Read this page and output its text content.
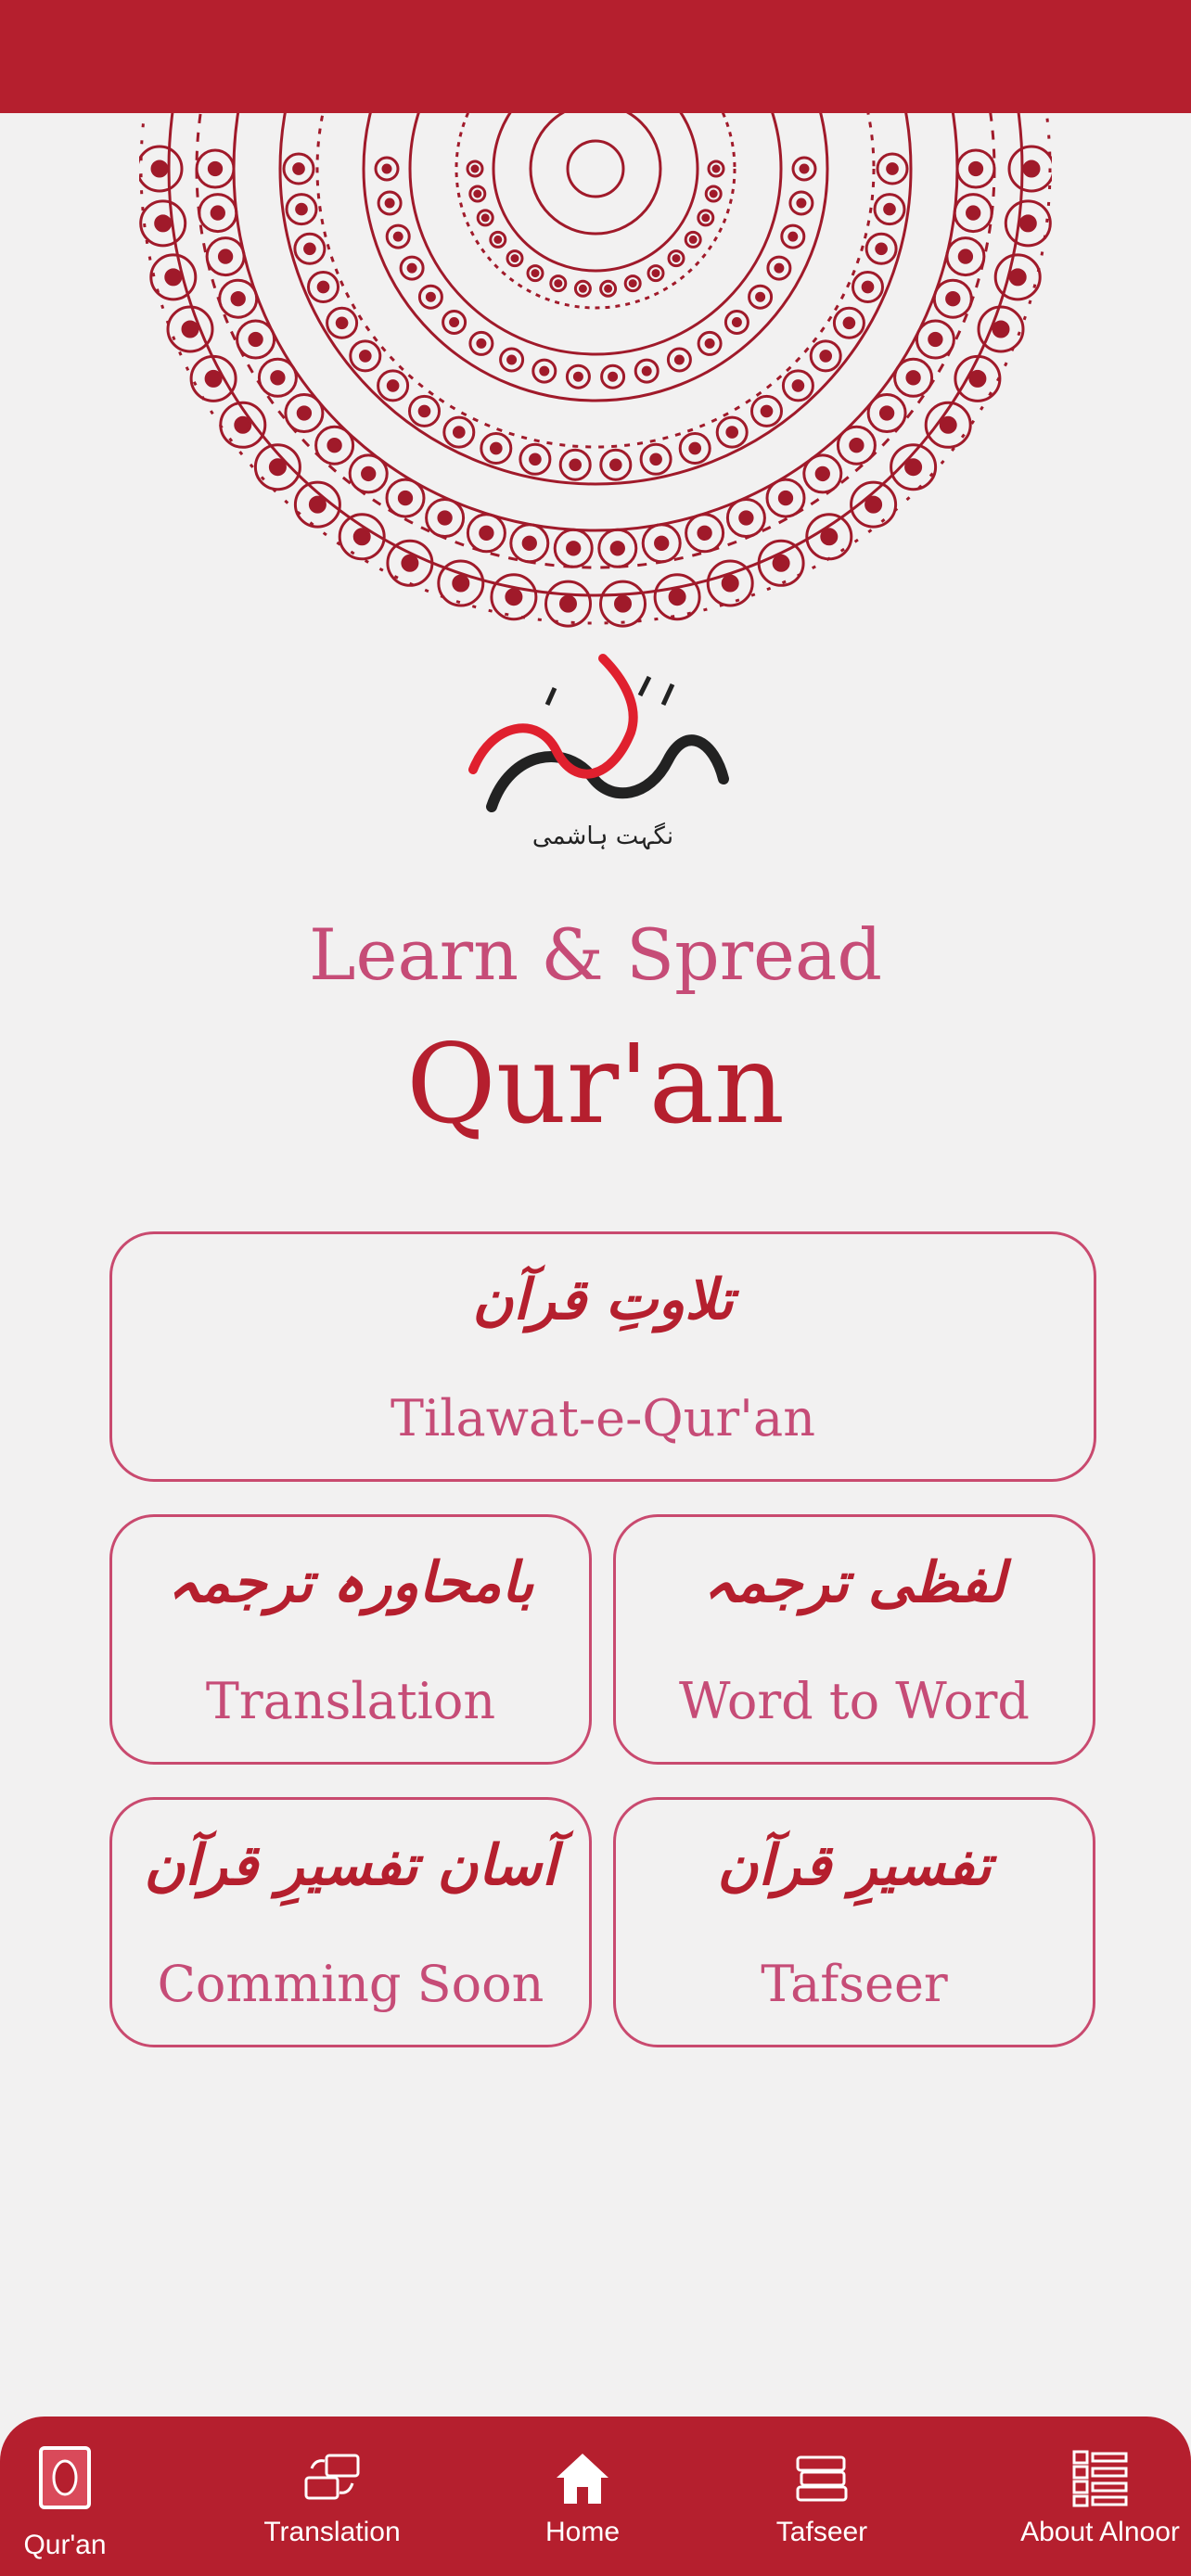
نگہت ہاشمی
Learn & Spread
Qur'an
تلاوتِ قرآن
Tilawat-e-Qur'an
بامحاورہ ترجمہ
Translation
لفظی ترجمہ
Word to Word
آسان تفسیرِ قرآن
Comming Soon
تفسیرِ قرآن
Tafseer
Qur'an	Translation	Home	Tafseer	About Alnoor
